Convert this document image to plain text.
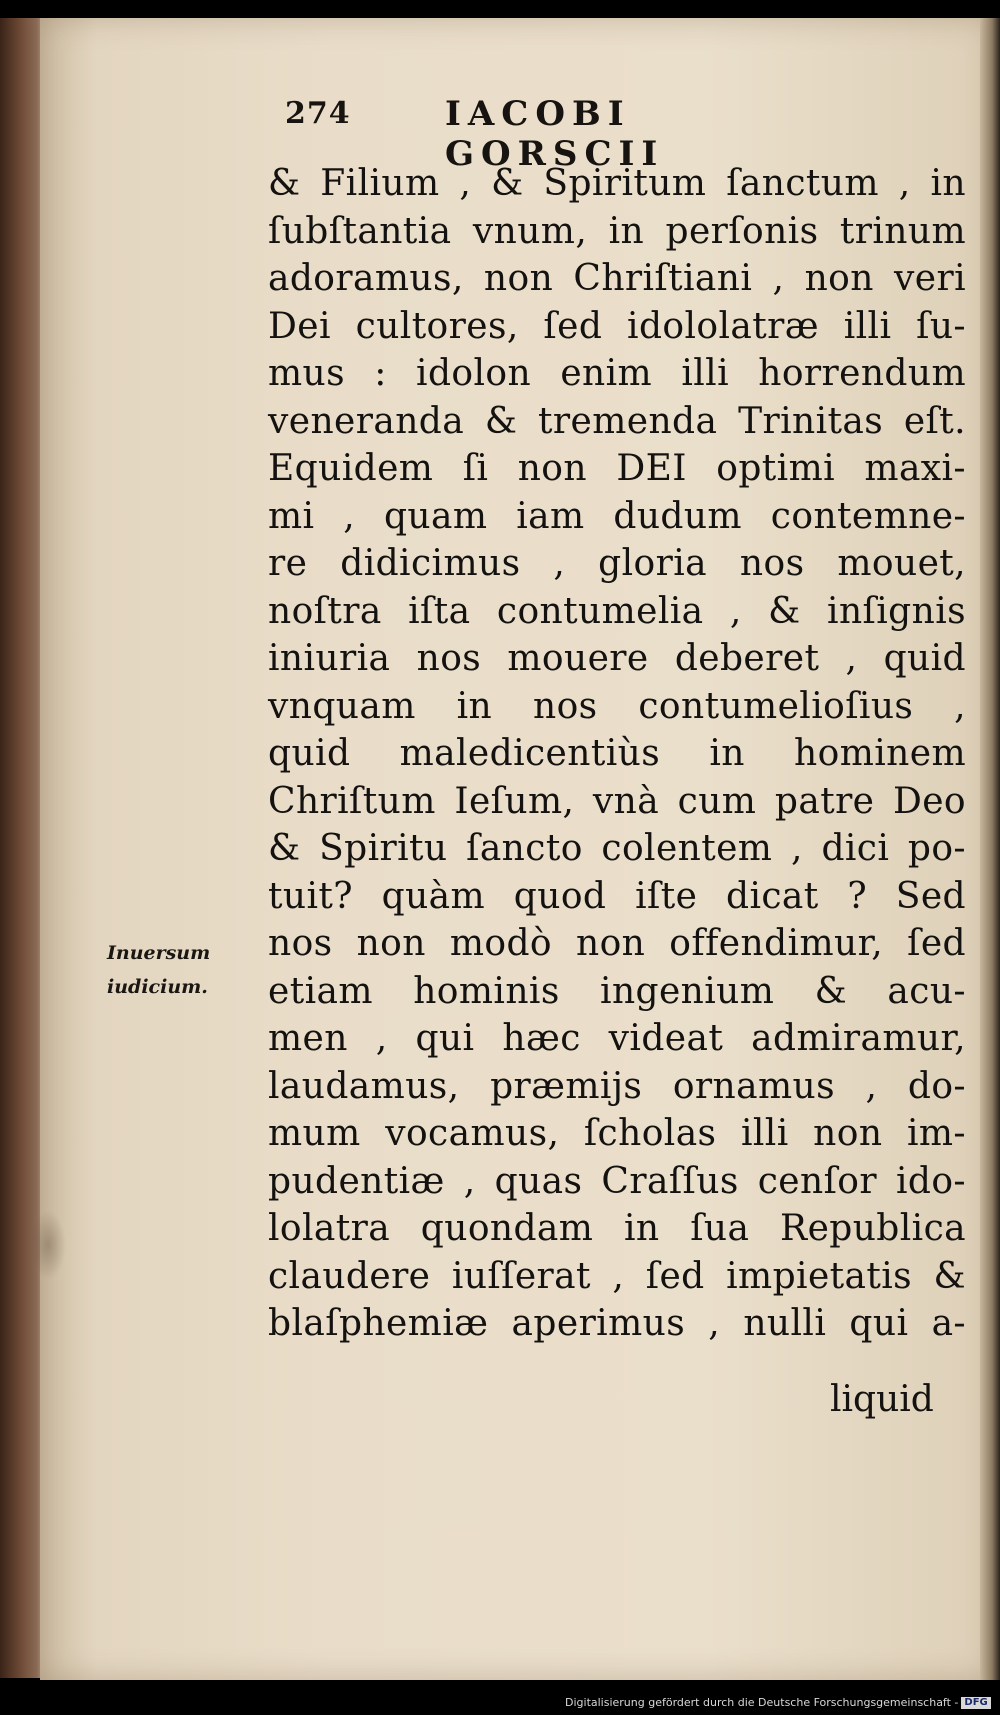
274	IACOBI GORSCII
Inuersum
iudicium.
& Filium , & Spiritum ſanctum , in
ſubſtantia vnum, in perſonis trinum
adoramus, non Chriſtiani , non veri
Dei cultores, ſed idololatræ illi ſu-
mus : idolon enim illi horrendum
veneranda & tremenda Trinitas eſt.
Equidem ſi non DEI optimi maxi-
mi , quam iam dudum contemne-
re didicimus , gloria nos mouet,
noſtra iſta contumelia , & inſignis
iniuria nos mouere deberet , quid
vnquam in nos contumelioſius ,
quid maledicentiùs in hominem
Chriſtum Ieſum, vnà cum patre Deo
& Spiritu ſancto colentem , dici po-
tuit? quàm quod iſte dicat ? Sed
nos non modò non offendimur, ſed
etiam hominis ingenium & acu-
men , qui hæc videat admiramur,
laudamus, præmijs ornamus , do-
mum vocamus, ſcholas illi non im-
pudentiæ , quas Craſſus cenſor ido-
lolatra quondam in ſua Republica
claudere iuſſerat , ſed impietatis &
blaſphemiæ aperimus , nulli qui a-
liquid
Digitalisierung gefördert durch die Deutsche Forschungsgemeinschaft - DFG
